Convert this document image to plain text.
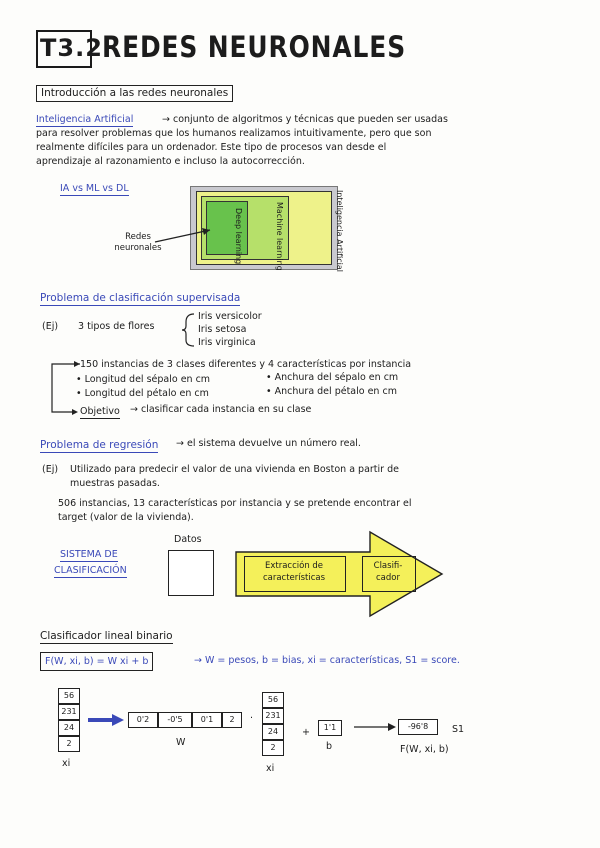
T3.2 REDES NEURONALES
Introducción a las redes neuronales
Inteligencia Artificial	→ conjunto de algoritmos y técnicas que pueden ser usadas
para resolver problemas que los humanos realizamos intuitivamente, pero que son
realmente difíciles para un ordenador. Este tipo de procesos van desde el
aprendizaje al razonamiento e incluso la autocorrección.
IA vs ML vs DL
Inteligencia Artificial
Machine learning
Deep learning
Redes neuronales
Problema de clasificación supervisada
(Ej) 3 tipos de flores
Iris versicolor
Iris setosa
Iris virginica
150 instancias de 3 clases diferentes y 4 características por instancia
• Longitud del sépalo en cm	• Anchura del sépalo en cm
• Longitud del pétalo en cm	• Anchura del pétalo en cm
Objetivo → clasificar cada instancia en su clase
Problema de regresión → el sistema devuelve un número real.
(Ej) Utilizado para predecir el valor de una vivienda en Boston a partir de
muestras pasadas.
506 instancias, 13 características por instancia y se pretende encontrar el
target (valor de la vivienda).
SISTEMA DE
CLASIFICACIÓN
Datos
Extracción de
características
Clasifi-
cador
Clasificador lineal binario
F(W, xi, b) = W xi + b	→ W = pesos, b = bias, xi = características, S1 = score.
56
231
24
2
xi
0'2	-0'5	0'1	2
W
·
56
231
24
2
xi
+	1'1
b
-96'8	S1
F(W, xi, b)
